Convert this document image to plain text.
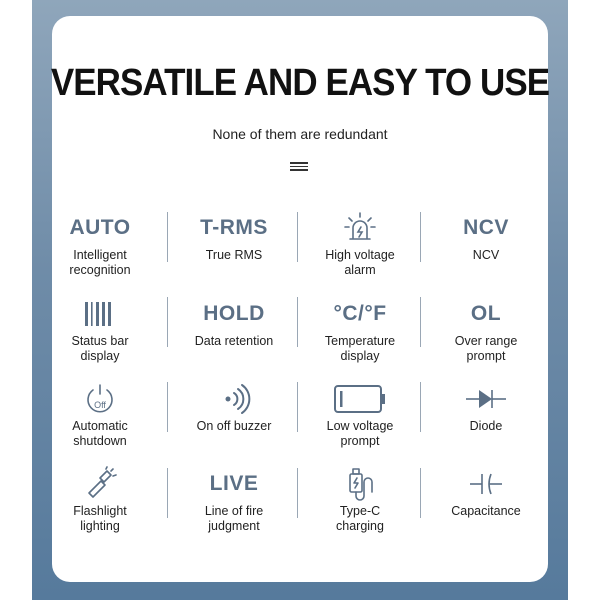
VERSATILE AND EASY TO USE
None of them are redundant
AUTO
Intelligent
recognition
T-RMS
True RMS	High voltage
alarm
NCV
NCV
Status bar
display
HOLD
Data retention
°C/°F
Temperature
display
OL
Over range
prompt
Off
Automatic
shutdown
On off buzzer	Low voltage
prompt
Diode
Flashlight
lighting
LIVE
Line of fire
judgment
Type-C
charging
Capacitance
